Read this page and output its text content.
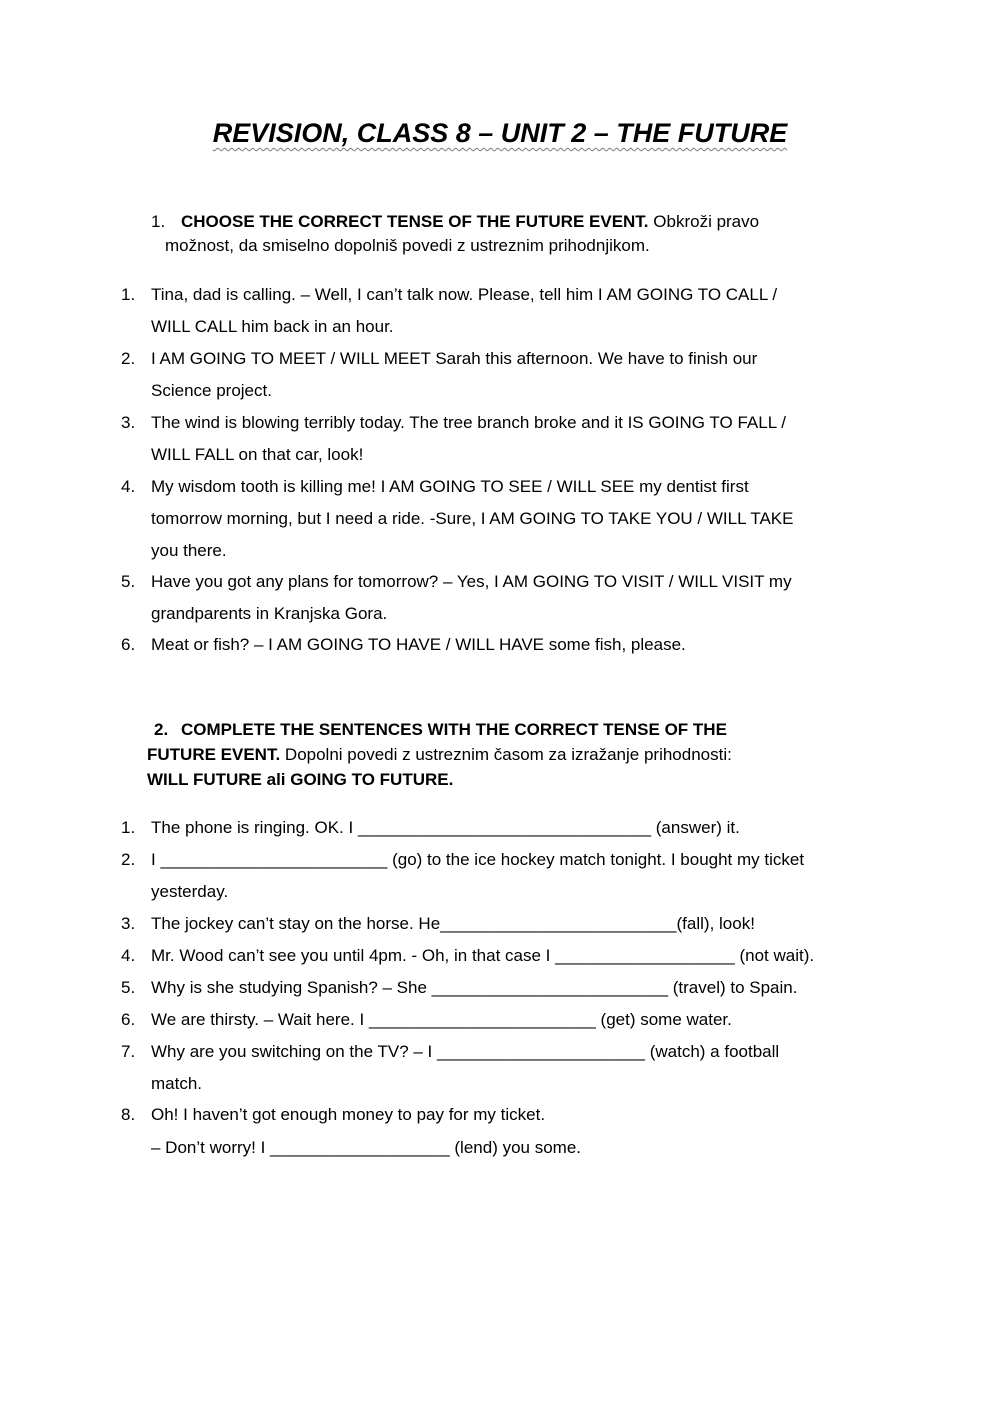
REVISION, CLASS 8 – UNIT 2 – THE FUTURE
1. CHOOSE THE CORRECT TENSE OF THE FUTURE EVENT. Obkroži pravo
možnost, da smiselno dopolniš povedi z ustreznim prihodnjikom.
1. Tina, dad is calling. – Well, I can’t talk now. Please, tell him I AM GOING TO CALL /
WILL CALL him back in an hour.
2. I AM GOING TO MEET / WILL MEET Sarah this afternoon. We have to finish our
Science project.
3. The wind is blowing terribly today. The tree branch broke and it IS GOING TO FALL /
WILL FALL on that car, look!
4. My wisdom tooth is killing me! I AM GOING TO SEE / WILL SEE my dentist first
tomorrow morning, but I need a ride. -Sure, I AM GOING TO TAKE YOU / WILL TAKE
you there.
5. Have you got any plans for tomorrow? – Yes, I AM GOING TO VISIT / WILL VISIT my
grandparents in Kranjska Gora.
6. Meat or fish? – I AM GOING TO HAVE / WILL HAVE some fish, please.
2. COMPLETE THE SENTENCES WITH THE CORRECT TENSE OF THE
FUTURE EVENT. Dopolni povedi z ustreznim časom za izražanje prihodnosti:
WILL FUTURE ali GOING TO FUTURE.
1. The phone is ringing. OK. I _______________________________ (answer) it.
2. I ________________________ (go) to the ice hockey match tonight. I bought my ticket
yesterday.
3. The jockey can’t stay on the horse. He_________________________(fall), look!
4. Mr. Wood can’t see you until 4pm. - Oh, in that case I ___________________ (not wait).
5. Why is she studying Spanish? – She _________________________ (travel) to Spain.
6. We are thirsty. – Wait here. I ________________________ (get) some water.
7. Why are you switching on the TV? – I ______________________ (watch) a football
match.
8. Oh! I haven’t got enough money to pay for my ticket.
– Don’t worry! I ___________________ (lend) you some.
